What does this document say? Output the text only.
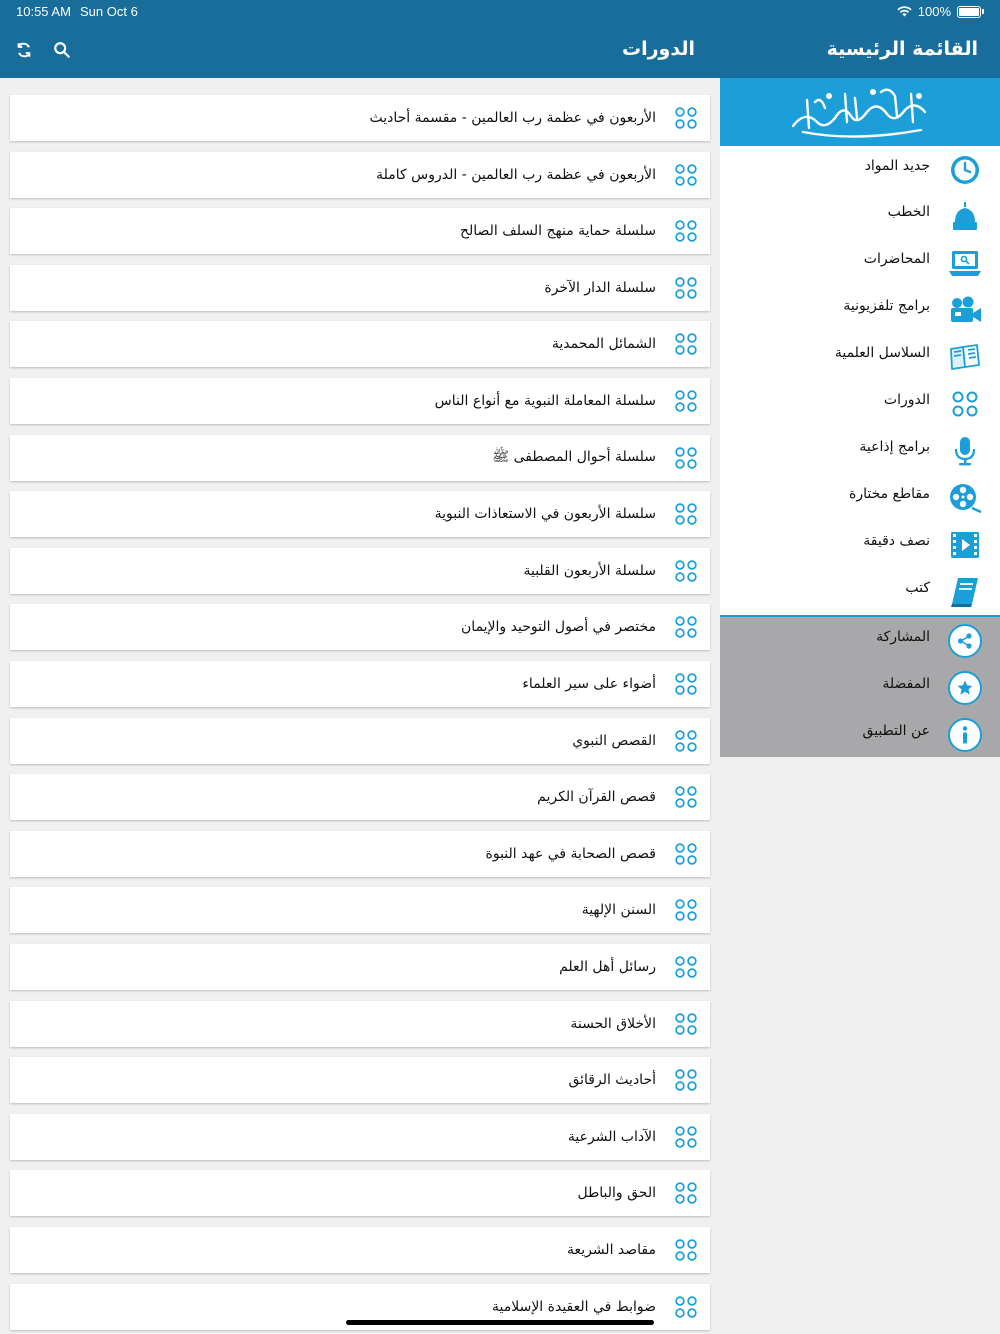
10:55 AM Sun Oct 6	100%
القائمة الرئيسية
الدورات
الأربعون في عظمة رب العالمين - مقسمة أحاديث
الأربعون في عظمة رب العالمين - الدروس كاملة
سلسلة حماية منهج السلف الصالح
سلسلة الدار الآخرة
الشمائل المحمدية
سلسلة المعاملة النبوية مع أنواع الناس
سلسلة أحوال المصطفى ﷺ
سلسلة الأربعون في الاستعاذات النبوية
سلسلة الأربعون القلبية
مختصر في أصول التوحيد والإيمان
أضواء على سير العلماء
القصص النبوي
قصص القرآن الكريم
قصص الصحابة في عهد النبوة
السنن الإلهية
رسائل أهل العلم
الأخلاق الحسنة
أحاديث الرقائق
الآداب الشرعية
الحق والباطل
مقاصد الشريعة
ضوابط في العقيدة الإسلامية
جديد المواد
الخطب
المحاضرات
برامج تلفزيونية
السلاسل العلمية
الدورات
برامج إذاعية
مقاطع مختارة
نصف دقيقة
كتب
المشاركة
المفضلة
عن التطبيق
